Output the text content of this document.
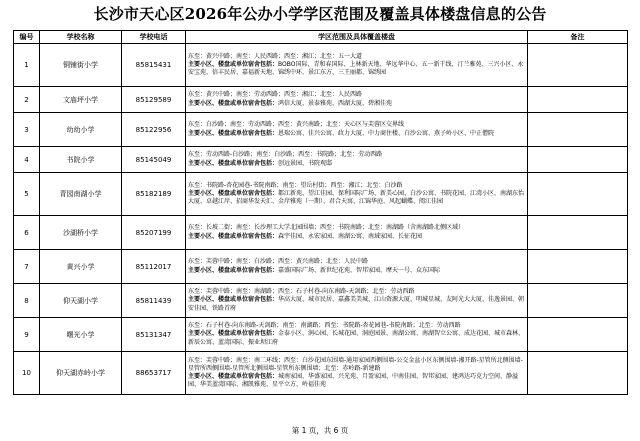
长沙市天心区2026年公办小学学区范围及覆盖具体楼盘信息的公告
编号	学校名称	学校电话	学区范围及具体覆盖楼盘	备注
1	铜铺街小学	85815431	东至：黄兴中路；南至：人民西路；西至：湘江；北至：五一大道
主要小区、楼盘或单位宿舍包括：BOBO国际、青和春国际、上林新天地、华远华中心、五一新干线、汀兰雅苑、三兴小区、永安宝苑、信丰民居、嘉福新天地、锦绣中环、景江东方、三王丽都、锦绣园	

2	文庙坪小学	85129589	东至：黄兴中路；南至：劳动西路；西至：湘江；北至：人民西路
主要小区、楼盘或单位宿舍包括：鸿信大厦、景泰雅苑、西湖大厦、碧湘佳苑	

3	幼幼小学	85122956	东至：白沙路；南至：劳动西路；西至：黄兴南路；北至：天心区与芙蓉区交界线
主要小区、楼盘或单位宿舍包括：恩瑞公寓、佳兴公寓、政力大厦、中力商住楼、白沙公寓、燕子岭小区、中正僧院	

4	书院小学	85145049	东至：劳动西路-白沙路；南至：白沙路；西至：书院路；北至：劳动西路
主要小区、楼盘或单位宿舍包括：创远景园、书院观邸	

5	青园南湖小学	85182189	东至：书院路-杏花园巷-书院南路；南至：望岳村街；西至：湘江；北至：白沙路
主要小区、楼盘或单位宿舍包括：都江新苑、望江佳园、保利国际广场、新美心园、白沙公寓、书院花园、江湾小区、南湖东怡大厦、卓越江岸、招商华发天汇、金岸雅苑（一期）、君合天寓、江锦华庭、风起蝴蝶、阅江佳园	

6	沙湖桥小学	85207199	东至：长坡二街；南至：长沙理工大学北园围墙；西至：书院南路；北至：南湖路（含南湖路北侧区域）
主要小区、楼盘或单位宿舍包括：森宇佳园、永宏家园、南湖公寓、南域家园、长征花园	

7	黄兴小学	85112017	东至：芙蓉中路；南至：白沙路；西至：黄兴南路；北至：人民中路
主要小区、楼盘或单位宿舍包括：嘉盛国际广场、新世纪花苑、智邦家园、摩天一号、众东国际	

8	仰天湖小学	85811439	东至：芙蓉中路；南至：南湖路；西至：石子村巷-向东南路-天剑路；北至：劳动西路
主要小区、楼盘或单位宿舍包括：华高大厦、城市民居、嘉鑫美美城、江山资源大厦、明城星城、友阿光大大厦、佳逸景园、朝安佳园、铁路首府	

9	曙光小学	85131347	东至：石子村巷-向东南路-天剑路；南至：南湖路；西至：书院路-杏花园巷-书院南路；北至：劳动西路
主要小区、楼盘或单位宿舍包括：金泰小区、润心园、长城花园、洞庭园景、南湖公寓、南湖智立公寓、成达花园、城市森林、新辰公寓、蓝湾国际、振业坝江府	

10	仰天湖赤岭小学	88653717	东至：芙蓉中路；南至：南二环线；西至：白沙花园东围墙-通用家园西侧围墙-公交金盆小区东侧围墙-湘开路-星管所北侧围墙-星管所西侧围墙-星管所北侧围墙-星管所东侧围墙；北至：赤岭路-新建路
主要小区、楼盘或单位宿舍包括：城南家园、华盛家园、兴光苑、月盈家园、中南佳园、智邦家园、建鸿达巧克力空间、静溢园、华美蓝湾国际、湘凯雅苑、星平立方、岭福佳苑	

第 1 页，共 6 页
